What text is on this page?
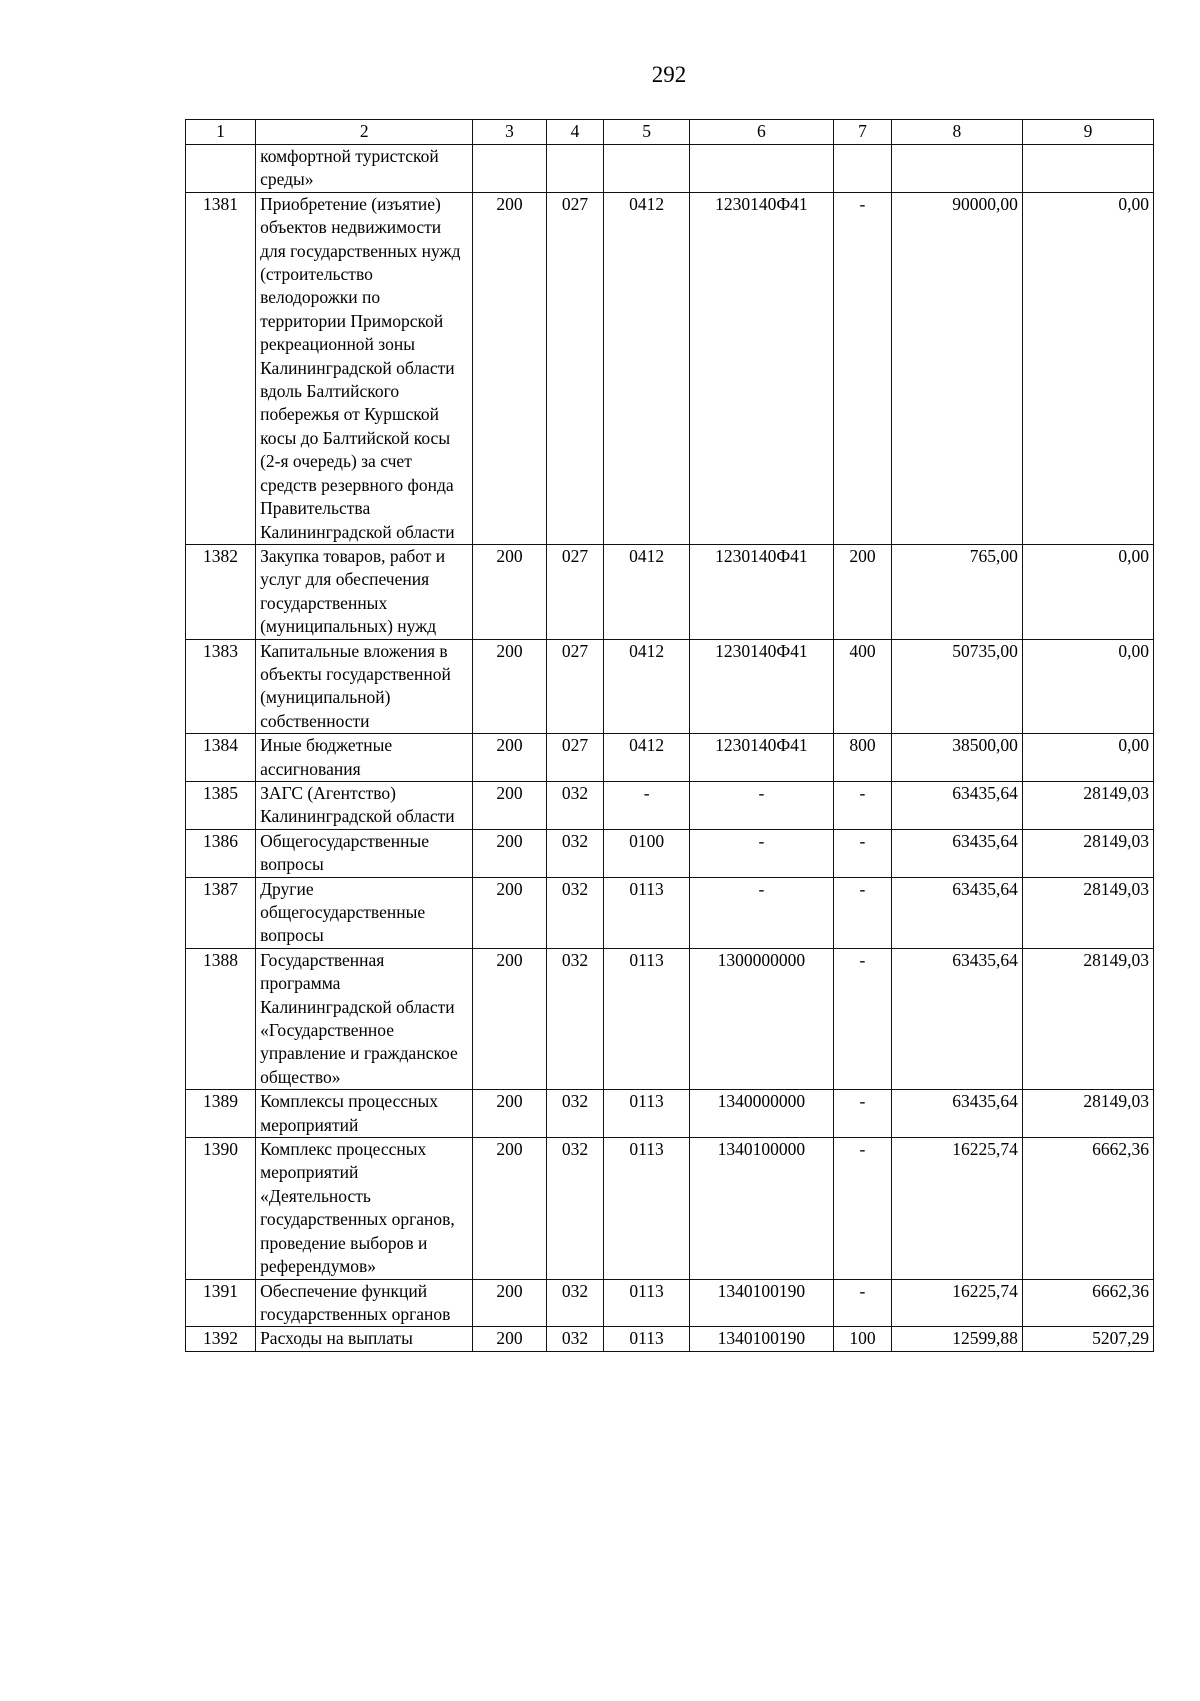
292
1	2	3	4	5	6	7	8	9
	комфортной туристской среды»							
1381	Приобретение (изъятие) объектов недвижимости для государственных нужд (строительство велодорожки по территории Приморской рекреационной зоны Калининградской области вдоль Балтийского побережья от Куршской косы до Балтийской косы (2-я очередь) за счет средств резервного фонда Правительства Калининградской области	200	027	0412	1230140Ф41	-	90000,00	0,00
1382	Закупка товаров, работ и услуг для обеспечения государственных (муниципальных) нужд	200	027	0412	1230140Ф41	200	765,00	0,00
1383	Капитальные вложения в объекты государственной (муниципальной) собственности	200	027	0412	1230140Ф41	400	50735,00	0,00
1384	Иные бюджетные ассигнования	200	027	0412	1230140Ф41	800	38500,00	0,00
1385	ЗАГС (Агентство) Калининградской области	200	032	-	-	-	63435,64	28149,03
1386	Общегосударственные вопросы	200	032	0100	-	-	63435,64	28149,03
1387	Другие общегосударственные вопросы	200	032	0113	-	-	63435,64	28149,03
1388	Государственная программа Калининградской области «Государственное управление и гражданское общество»	200	032	0113	1300000000	-	63435,64	28149,03
1389	Комплексы процессных мероприятий	200	032	0113	1340000000	-	63435,64	28149,03
1390	Комплекс процессных мероприятий «Деятельность государственных органов, проведение выборов и референдумов»	200	032	0113	1340100000	-	16225,74	6662,36
1391	Обеспечение функций государственных органов	200	032	0113	1340100190	-	16225,74	6662,36
1392	Расходы на выплаты	200	032	0113	1340100190	100	12599,88	5207,29
